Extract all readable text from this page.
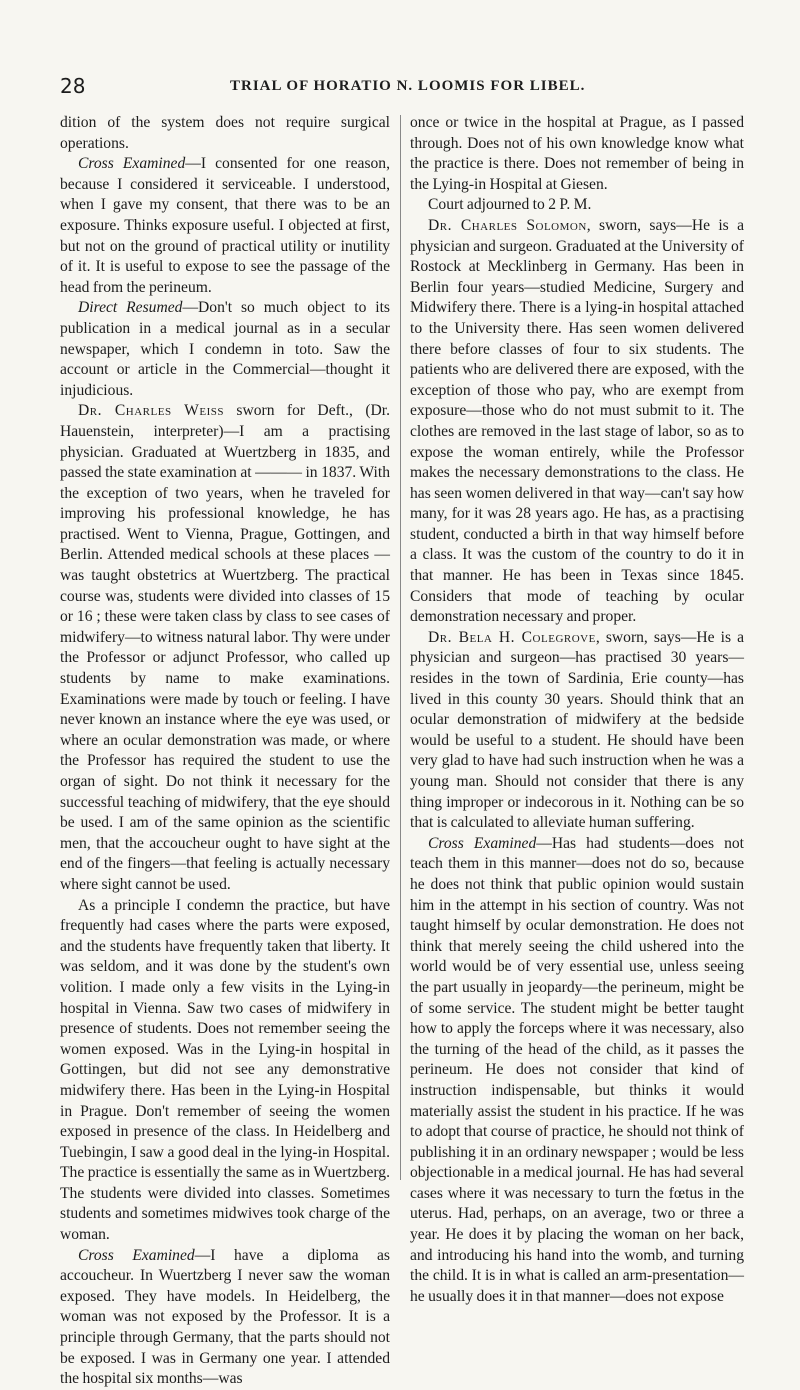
28	TRIAL OF HORATIO N. LOOMIS FOR LIBEL.

dition of the system does not require surgical operations.

Cross Examined—I consented for one reason, because I considered it serviceable. I understood, when I gave my consent, that there was to be an exposure. Thinks exposure useful. I objected at first, but not on the ground of practical utility or inutility of it. It is useful to expose to see the passage of the head from the perineum.

Direct Resumed—Don't so much object to its publication in a medical journal as in a secular newspaper, which I condemn in toto. Saw the account or article in the Commercial—thought it injudicious.

Dr. Charles Weiss sworn for Deft., (Dr. Hauenstein, interpreter)—I am a practising physician. Graduated at Wuertzberg in 1835, and passed the state examination at ——— in 1837. With the exception of two years, when he traveled for improving his professional knowledge, he has practised. Went to Vienna, Prague, Gottingen, and Berlin. Attended medical schools at these places —was taught obstetrics at Wuertzberg. The practical course was, students were divided into classes of 15 or 16 ; these were taken class by class to see cases of midwifery—to witness natural labor. Thy were under the Professor or adjunct Professor, who called up students by name to make examinations. Examinations were made by touch or feeling. I have never known an instance where the eye was used, or where an ocular demonstration was made, or where the Professor has required the student to use the organ of sight. Do not think it necessary for the successful teaching of midwifery, that the eye should be used. I am of the same opinion as the scientific men, that the accoucheur ought to have sight at the end of the fingers—that feeling is actually necessary where sight cannot be used.

As a principle I condemn the practice, but have frequently had cases where the parts were exposed, and the students have frequently taken that liberty. It was seldom, and it was done by the student's own volition. I made only a few visits in the Lying-in hospital in Vienna. Saw two cases of midwifery in presence of students. Does not remember seeing the women exposed. Was in the Lying-in hospital in Gottingen, but did not see any demonstrative midwifery there. Has been in the Lying-in Hospital in Prague. Don't remember of seeing the women exposed in presence of the class. In Heidelberg and Tuebingin, I saw a good deal in the lying-in Hospital. The practice is essentially the same as in Wuertzberg. The students were divided into classes. Sometimes students and sometimes midwives took charge of the woman.

Cross Examined—I have a diploma as accoucheur. In Wuertzberg I never saw the woman exposed. They have models. In Heidelberg, the woman was not exposed by the Professor. It is a principle through Germany, that the parts should not be exposed. I was in Germany one year. I attended the hospital six months—was

once or twice in the hospital at Prague, as I passed through. Does not of his own knowledge know what the practice is there. Does not remember of being in the Lying-in Hospital at Giesen.

Court adjourned to 2 P. M.

Dr. Charles Solomon, sworn, says—He is a physician and surgeon. Graduated at the University of Rostock at Mecklinberg in Germany. Has been in Berlin four years—studied Medicine, Surgery and Midwifery there. There is a lying-in hospital attached to the University there. Has seen women delivered there before classes of four to six students. The patients who are delivered there are exposed, with the exception of those who pay, who are exempt from exposure—those who do not must submit to it. The clothes are removed in the last stage of labor, so as to expose the woman entirely, while the Professor makes the necessary demonstrations to the class. He has seen women delivered in that way—can't say how many, for it was 28 years ago. He has, as a practising student, conducted a birth in that way himself before a class. It was the custom of the country to do it in that manner. He has been in Texas since 1845. Considers that mode of teaching by ocular demonstration necessary and proper.

Dr. Bela H. Colegrove, sworn, says—He is a physician and surgeon—has practised 30 years—resides in the town of Sardinia, Erie county—has lived in this county 30 years. Should think that an ocular demonstration of midwifery at the bedside would be useful to a student. He should have been very glad to have had such instruction when he was a young man. Should not consider that there is any thing improper or indecorous in it. Nothing can be so that is calculated to alleviate human suffering.

Cross Examined—Has had students—does not teach them in this manner—does not do so, because he does not think that public opinion would sustain him in the attempt in his section of country. Was not taught himself by ocular demonstration. He does not think that merely seeing the child ushered into the world would be of very essential use, unless seeing the part usually in jeopardy—the perineum, might be of some service. The student might be better taught how to apply the forceps where it was necessary, also the turning of the head of the child, as it passes the perineum. He does not consider that kind of instruction indispensable, but thinks it would materially assist the student in his practice. If he was to adopt that course of practice, he should not think of publishing it in an ordinary newspaper ; would be less objectionable in a medical journal. He has had several cases where it was necessary to turn the fœtus in the uterus. Had, perhaps, on an average, two or three a year. He does it by placing the woman on her back, and introducing his hand into the womb, and turning the child. It is in what is called an arm-presentation—he usually does it in that manner—does not expose
